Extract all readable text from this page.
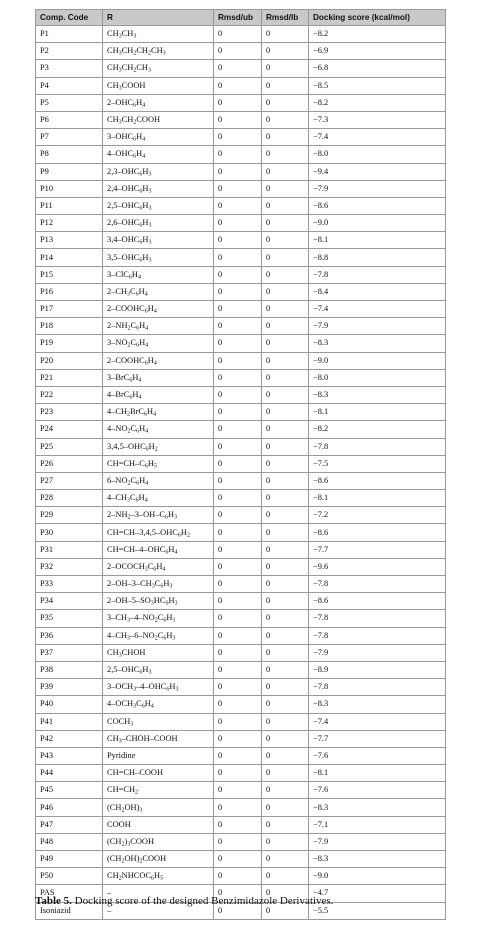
Comp. Code	R	Rmsd/ub	Rmsd/lb	Docking score (kcal/mol)
P1	$CH_3CH_3$	0	0	−8.2
P2	$CH_3CH_2CH_2CH_3$	0	0	−6.9
P3	$CH_3CH_2CH_3$	0	0	−6.8
P4	$CH_3COOH$	0	0	−8.5
P5	$2-OHC_6H_4$	0	0	−8.2
P6	$CH_3CH_2COOH$	0	0	−7.3
P7	$3-OHC_6H_4$	0	0	−7.4
P8	$4-OHC_6H_4$	0	0	−8.0
P9	$2,3-OHC_6H_3$	0	0	−9.4
P10	$2,4-OHC_6H_3$	0	0	−7.9
P11	$2,5-OHC_6H_3$	0	0	−8.6
P12	$2,6-OHC_6H_3$	0	0	−9.0
P13	$3,4-OHC_6H_3$	0	0	−8.1
P14	$3,5-OHC_6H_3$	0	0	−8.8
P15	$3-ClC_6H_4$	0	0	−7.8
P16	$2-CH_3C_6H_4$	0	0	−8.4
P17	$2-COOHC_6H_4$	0	0	−7.4
P18	$2-NH_2C_6H_4$	0	0	−7.9
P19	$3-NO_2C_6H_4$	0	0	−8.3
P20	$2-COOHC_6H_4$	0	0	−9.0
P21	$3-BrC_6H_4$	0	0	−8.0
P22	$4-BrC_6H_4$	0	0	−8.3
P23	$4-CH_2BrC_6H_4$	0	0	−8.1
P24	$4-NO_2C_6H_4$	0	0	−8.2
P25	$3,4,5-OHC_6H_2$	0	0	−7.8
P26	$CH=CH-C_6H_5$	0	0	−7.5
P27	$6-NO_2C_6H_4$	0	0	−8.6
P28	$4-CH_3C_6H_4$	0	0	−8.1
P29	$2-NH_2-3-OH-C_6H_3$	0	0	−7.2
P30	$CH=CH-3,4,5-OHC_6H_2$	0	0	−8.6
P31	$CH=CH-4-OHC_6H_4$	0	0	−7.7
P32	$2-OCOCH_3C_6H_4$	0	0	−9.6
P33	$2-OH-3-CH_3C_6H_3$	0	0	−7.8
P34	$2-OH-5-SO_3HC_6H_3$	0	0	−8.6
P35	$3-CH_3-4-NO_2C_6H_3$	0	0	−7.8
P36	$4-CH_3-6-NO_2C_6H_3$	0	0	−7.8
P37	$CH_3CHOH$	0	0	−7.9
P38	$2,5-OHC_6H_3$	0	0	−8.9
P39	$3-OCH_3-4-OHC_6H_3$	0	0	−7.8
P40	$4-OCH_3C_6H_4$	0	0	−8.3
P41	$COCH_3$	0	0	−7.4
P42	$CH_3-CHOH$–COOH	0	0	−7.7
P43	Pyridine	0	0	−7.6
P44	CH=CH–COOH	0	0	−8.1
P45	$CH=CH_2$	0	0	−7.6
P46	$(CH_2OH)_3$	0	0	−8.3
P47	COOH	0	0	−7.1
P48	$(CH_2)_3COOH$	0	0	−7.9
P49	$(CH_2OH)_2COOH$	0	0	−8.3
P50	$CH_2NHCOC_6H_5$	0	0	−9.0
PAS	–	0	0	−4.7
Isoniazid	–	0	0	−5.5
Table 5. Docking score of the designed Benzimidazole Derivatives.
